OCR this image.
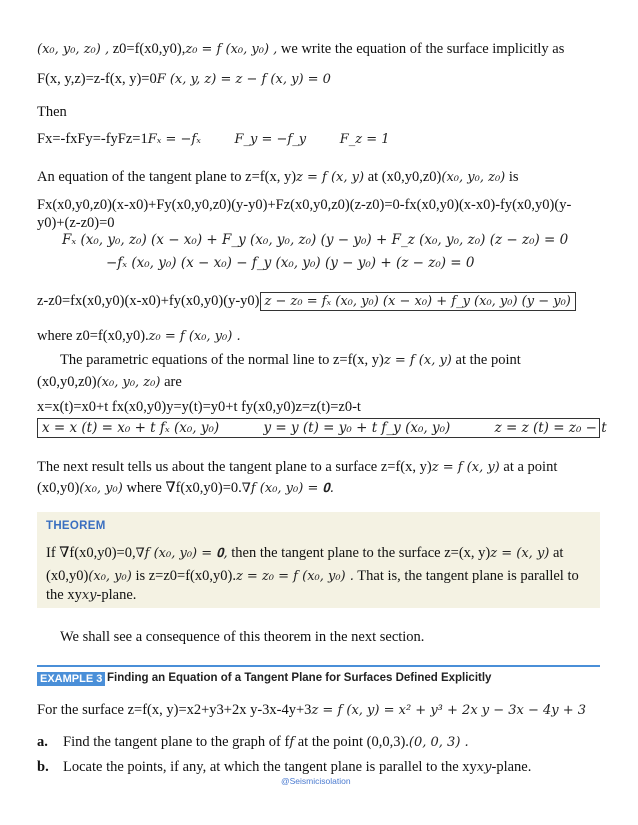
(x₀, y₀, z₀) , z0=f(x0,y0),z₀ = f (x₀, y₀) , we write the equation of the surface implicitly as
F(x, y,z)=z-f(x, y)=0F (x, y, z) = z − f (x, y) = 0
Then
Fx=-fxFy=-fyFz=1Fₓ = −fₓ	F_y = −f_y	F_z = 1
An equation of the tangent plane to z=f(x, y)z = f (x, y) at (x0,y0,z0)(x₀, y₀, z₀) is
Fx(x0,y0,z0)(x-x0)+Fy(x0,y0,z0)(y-y0)+Fz(x0,y0,z0)(z-z0)=0-fx(x0,y0)(x-x0)-fy(x0,y0)(y-
y0)+(z-z0)=0
Fₓ (x₀, y₀, z₀) (x − x₀) + F_y (x₀, y₀, z₀) (y − y₀) + F_z (x₀, y₀, z₀) (z − z₀) = 0
−fₓ (x₀, y₀) (x − x₀) − f_y (x₀, y₀) (y − y₀) + (z − z₀) = 0
z-z0=fx(x0,y0)(x-x0)+fy(x0,y0)(y-y0) z − z₀ = fₓ (x₀, y₀) (x − x₀) + f_y (x₀, y₀) (y − y₀)
where z0=f(x0,y0).z₀ = f (x₀, y₀) .
The parametric equations of the normal line to z=f(x, y)z = f (x, y) at the point
(x0,y0,z0)(x₀, y₀, z₀) are
x=x(t)=x0+t fx(x0,y0)y=y(t)=y0+t fy(x0,y0)z=z(t)=z0-t
x = x (t) = x₀ + t fₓ (x₀, y₀)	y = y (t) = y₀ + t f_y (x₀, y₀)	z = z (t) = z₀ − t
The next result tells us about the tangent plane to a surface z=f(x, y)z = f (x, y) at a point
(x0,y0)(x₀, y₀) where ∇f(x0,y0)=0.∇f (x₀, y₀) = 𝟎.
THEOREM
If ∇f(x0,y0)=0,∇f (x₀, y₀) = 𝟎, then the tangent plane to the surface z=(x, y)z = (x, y) at
(x0,y0)(x₀, y₀) is z=z0=f(x0,y0).z = z₀ = f (x₀, y₀) . That is, the tangent plane is parallel to
the xyxy-plane.
We shall see a consequence of this theorem in the next section.
EXAMPLE 3 Finding an Equation of a Tangent Plane for Surfaces Defined Explicitly
For the surface z=f(x, y)=x2+y3+2x y-3x-4y+3z = f (x, y) = x² + y³ + 2x y − 3x − 4y + 3
a. Find the tangent plane to the graph of ff at the point (0,0,3).(0, 0, 3) .
b. Locate the points, if any, at which the tangent plane is parallel to the xyxy-plane.
@Seismicisolation
